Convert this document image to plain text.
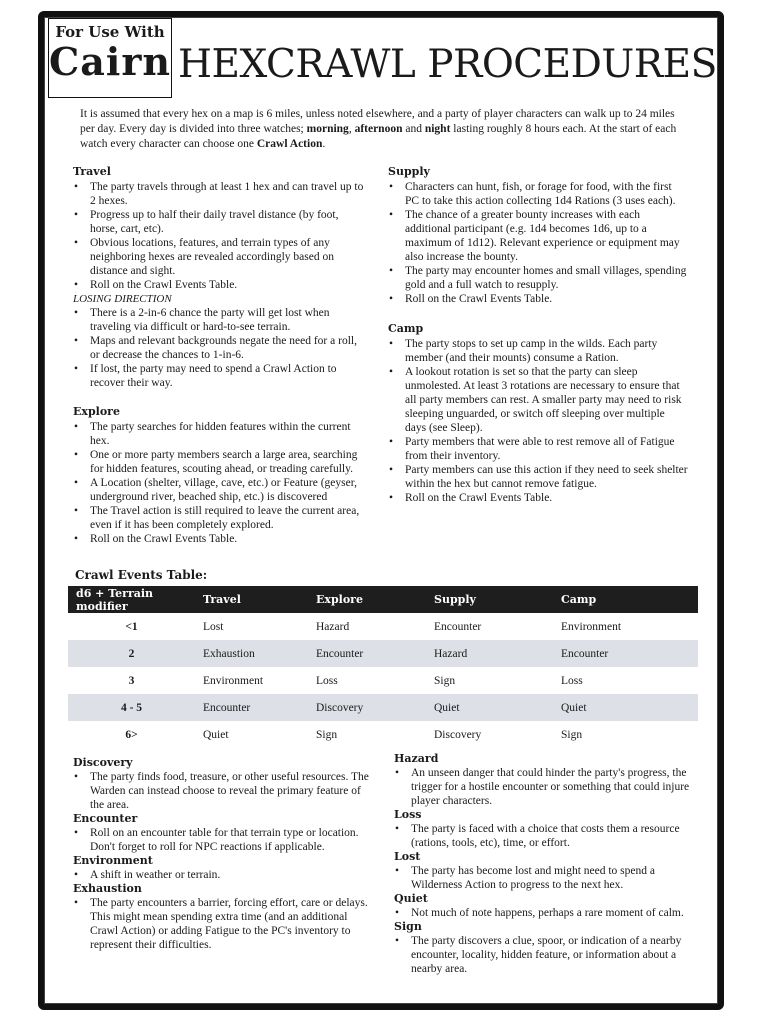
For Use With
Cairn HEXCRAWL PROCEDURES
It is assumed that every hex on a map is 6 miles, unless noted elsewhere, and a party of player characters can walk up to 24 miles per day. Every day is divided into three watches; morning, afternoon and night lasting roughly 8 hours each. At the start of each watch every character can choose one Crawl Action.
Travel
• The party travels through at least 1 hex and can travel up to 2 hexes.
• Progress up to half their daily travel distance (by foot, horse, cart, etc).
• Obvious locations, features, and terrain types of any neighboring hexes are revealed accordingly based on distance and sight.
• Roll on the Crawl Events Table.
LOSING DIRECTION
• There is a 2-in-6 chance the party will get lost when traveling via difficult or hard-to-see terrain.
• Maps and relevant backgrounds negate the need for a roll, or decrease the chances to 1-in-6.
• If lost, the party may need to spend a Crawl Action to recover their way.
Explore
• The party searches for hidden features within the current hex.
• One or more party members search a large area, searching for hidden features, scouting ahead, or treading carefully.
• A Location (shelter, village, cave, etc.) or Feature (geyser, underground river, beached ship, etc.) is discovered
• The Travel action is still required to leave the current area, even if it has been completely explored.
• Roll on the Crawl Events Table.
Supply
• Characters can hunt, fish, or forage for food, with the first PC to take this action collecting 1d4 Rations (3 uses each).
• The chance of a greater bounty increases with each additional participant (e.g. 1d4 becomes 1d6, up to a maximum of 1d12). Relevant experience or equipment may also increase the bounty.
• The party may encounter homes and small villages, spending gold and a full watch to resupply.
• Roll on the Crawl Events Table.
Camp
• The party stops to set up camp in the wilds. Each party member (and their mounts) consume a Ration.
• A lookout rotation is set so that the party can sleep unmolested. At least 3 rotations are necessary to ensure that all party members can rest. A smaller party may need to risk sleeping unguarded, or switch off sleeping over multiple days (see Sleep).
• Party members that were able to rest remove all of Fatigue from their inventory.
• Party members can use this action if they need to seek shelter within the hex but cannot remove fatigue.
• Roll on the Crawl Events Table.
Crawl Events Table:
d6 + Terrain modifier	Travel	Explore	Supply	Camp
<1	Lost	Hazard	Encounter	Environment
2	Exhaustion	Encounter	Hazard	Encounter
3	Environment	Loss	Sign	Loss
4 - 5	Encounter	Discovery	Quiet	Quiet
6>	Quiet	Sign	Discovery	Sign
Discovery
• The party finds food, treasure, or other useful resources. The Warden can instead choose to reveal the primary feature of the area.
Encounter
• Roll on an encounter table for that terrain type or location. Don't forget to roll for NPC reactions if applicable.
Environment
• A shift in weather or terrain.
Exhaustion
• The party encounters a barrier, forcing effort, care or delays. This might mean spending extra time (and an additional Crawl Action) or adding Fatigue to the PC's inventory to represent their difficulties.
Hazard
• An unseen danger that could hinder the party's progress, the trigger for a hostile encounter or something that could injure player characters.
Loss
• The party is faced with a choice that costs them a resource (rations, tools, etc), time, or effort.
Lost
• The party has become lost and might need to spend a Wilderness Action to progress to the next hex.
Quiet
• Not much of note happens, perhaps a rare moment of calm.
Sign
• The party discovers a clue, spoor, or indication of a nearby encounter, locality, hidden feature, or information about a nearby area.
